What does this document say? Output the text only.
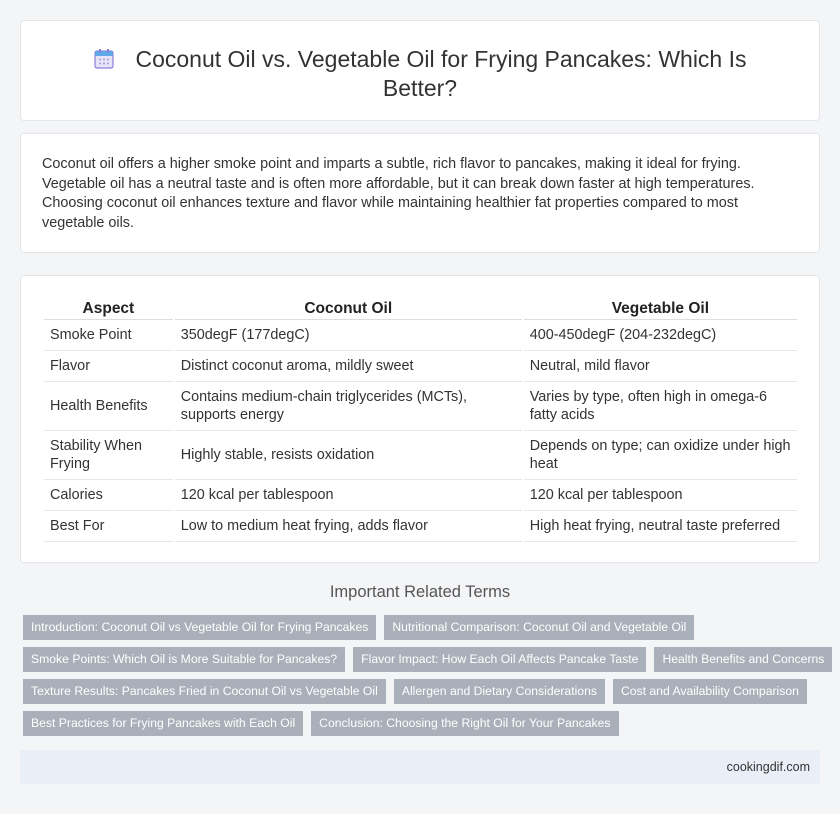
Coconut Oil vs. Vegetable Oil for Frying Pancakes: Which Is Better?

Coconut oil offers a higher smoke point and imparts a subtle, rich flavor to pancakes, making it ideal for frying. Vegetable oil has a neutral taste and is often more affordable, but it can break down faster at high temperatures. Choosing coconut oil enhances texture and flavor while maintaining healthier fat properties compared to most vegetable oils.

Aspect	Coconut Oil	Vegetable Oil
Smoke Point	350degF (177degC)	400-450degF (204-232degC)
Flavor	Distinct coconut aroma, mildly sweet	Neutral, mild flavor
Health Benefits	Contains medium-chain triglycerides (MCTs), supports energy	Varies by type, often high in omega-6 fatty acids
Stability When Frying	Highly stable, resists oxidation	Depends on type; can oxidize under high heat
Calories	120 kcal per tablespoon	120 kcal per tablespoon
Best For	Low to medium heat frying, adds flavor	High heat frying, neutral taste preferred
Important Related Terms
Introduction: Coconut Oil vs Vegetable Oil for Frying Pancakes	Nutritional Comparison: Coconut Oil and Vegetable Oil
Smoke Points: Which Oil is More Suitable for Pancakes?	Flavor Impact: How Each Oil Affects Pancake Taste	Health Benefits and Concerns
Texture Results: Pancakes Fried in Coconut Oil vs Vegetable Oil	Allergen and Dietary Considerations	Cost and Availability Comparison
Best Practices for Frying Pancakes with Each Oil	Conclusion: Choosing the Right Oil for Your Pancakes
cookingdif.com
